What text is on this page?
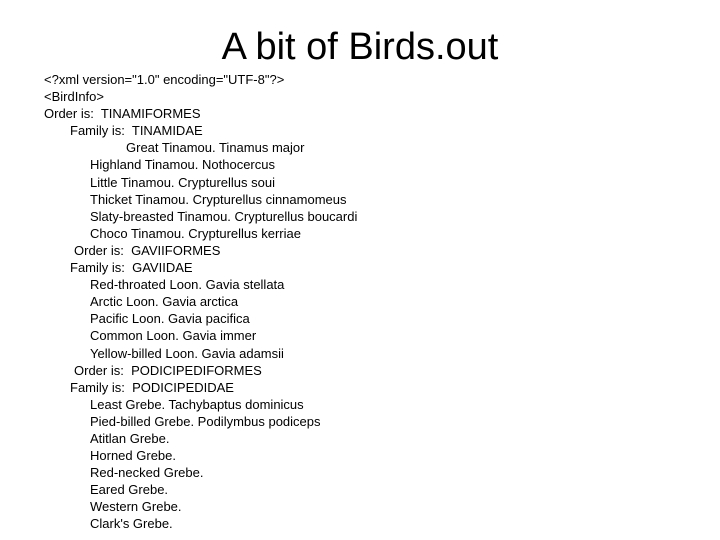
A bit of Birds.out
<?xml version="1.0" encoding="UTF-8"?>
<BirdInfo>
Order is:  TINAMIFORMES
Family is:  TINAMIDAE
Great Tinamou. Tinamus major
Highland Tinamou. Nothocercus
Little Tinamou. Crypturellus soui
Thicket Tinamou. Crypturellus cinnamomeus
Slaty-breasted Tinamou. Crypturellus boucardi
Choco Tinamou. Crypturellus kerriae
Order is:  GAVIIFORMES
Family is:  GAVIIDAE
Red-throated Loon. Gavia stellata
Arctic Loon. Gavia arctica
Pacific Loon. Gavia pacifica
Common Loon. Gavia immer
Yellow-billed Loon. Gavia adamsii
Order is:  PODICIPEDIFORMES
Family is:  PODICIPEDIDAE
Least Grebe. Tachybaptus dominicus
Pied-billed Grebe. Podilymbus podiceps
Atitlan Grebe.
Horned Grebe.
Red-necked Grebe.
Eared Grebe.
Western Grebe.
Clark's Grebe.
